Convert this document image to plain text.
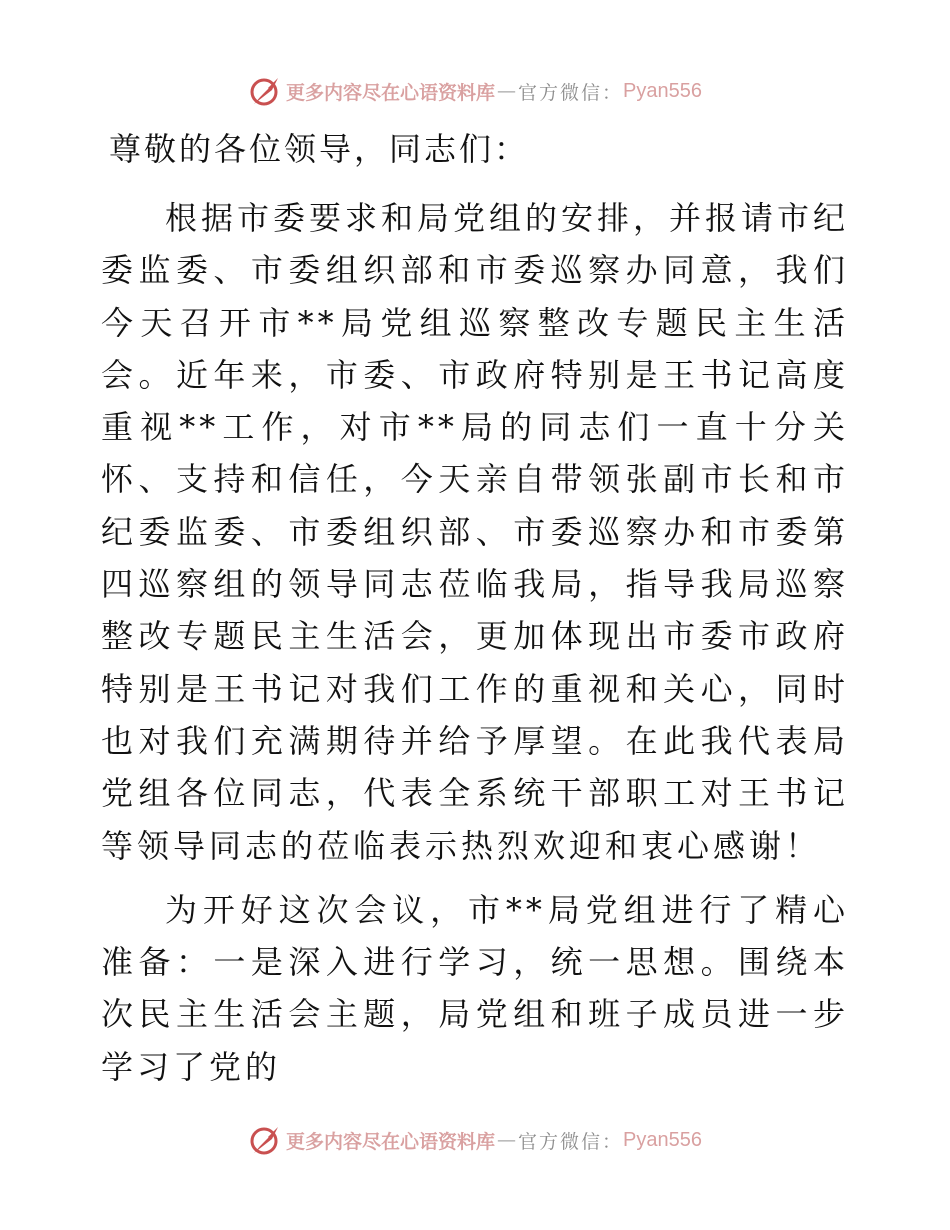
更多内容尽在心语资料库 — 官方微信： Pyan556
尊敬的各位领导，同志们：

根据市委要求和局党组的安排，并报请市纪委监委、市委组织部和市委巡察办同意，我们今天召开市**局党组巡察整改专题民主生活会。近年来，市委、市政府特别是王书记高度重视**工作，对市**局的同志们一直十分关怀、支持和信任，今天亲自带领张副市长和市纪委监委、市委组织部、市委巡察办和市委第四巡察组的领导同志莅临我局，指导我局巡察整改专题民主生活会，更加体现出市委市政府特别是王书记对我们工作的重视和关心，同时也对我们充满期待并给予厚望。在此我代表局党组各位同志，代表全系统干部职工对王书记等领导同志的莅临表示热烈欢迎和衷心感谢！

为开好这次会议，市**局党组进行了精心准备：一是深入进行学习，统一思想。围绕本次民主生活会主题，局党组和班子成员进一步学习了党的

更多内容尽在心语资料库 — 官方微信： Pyan556
